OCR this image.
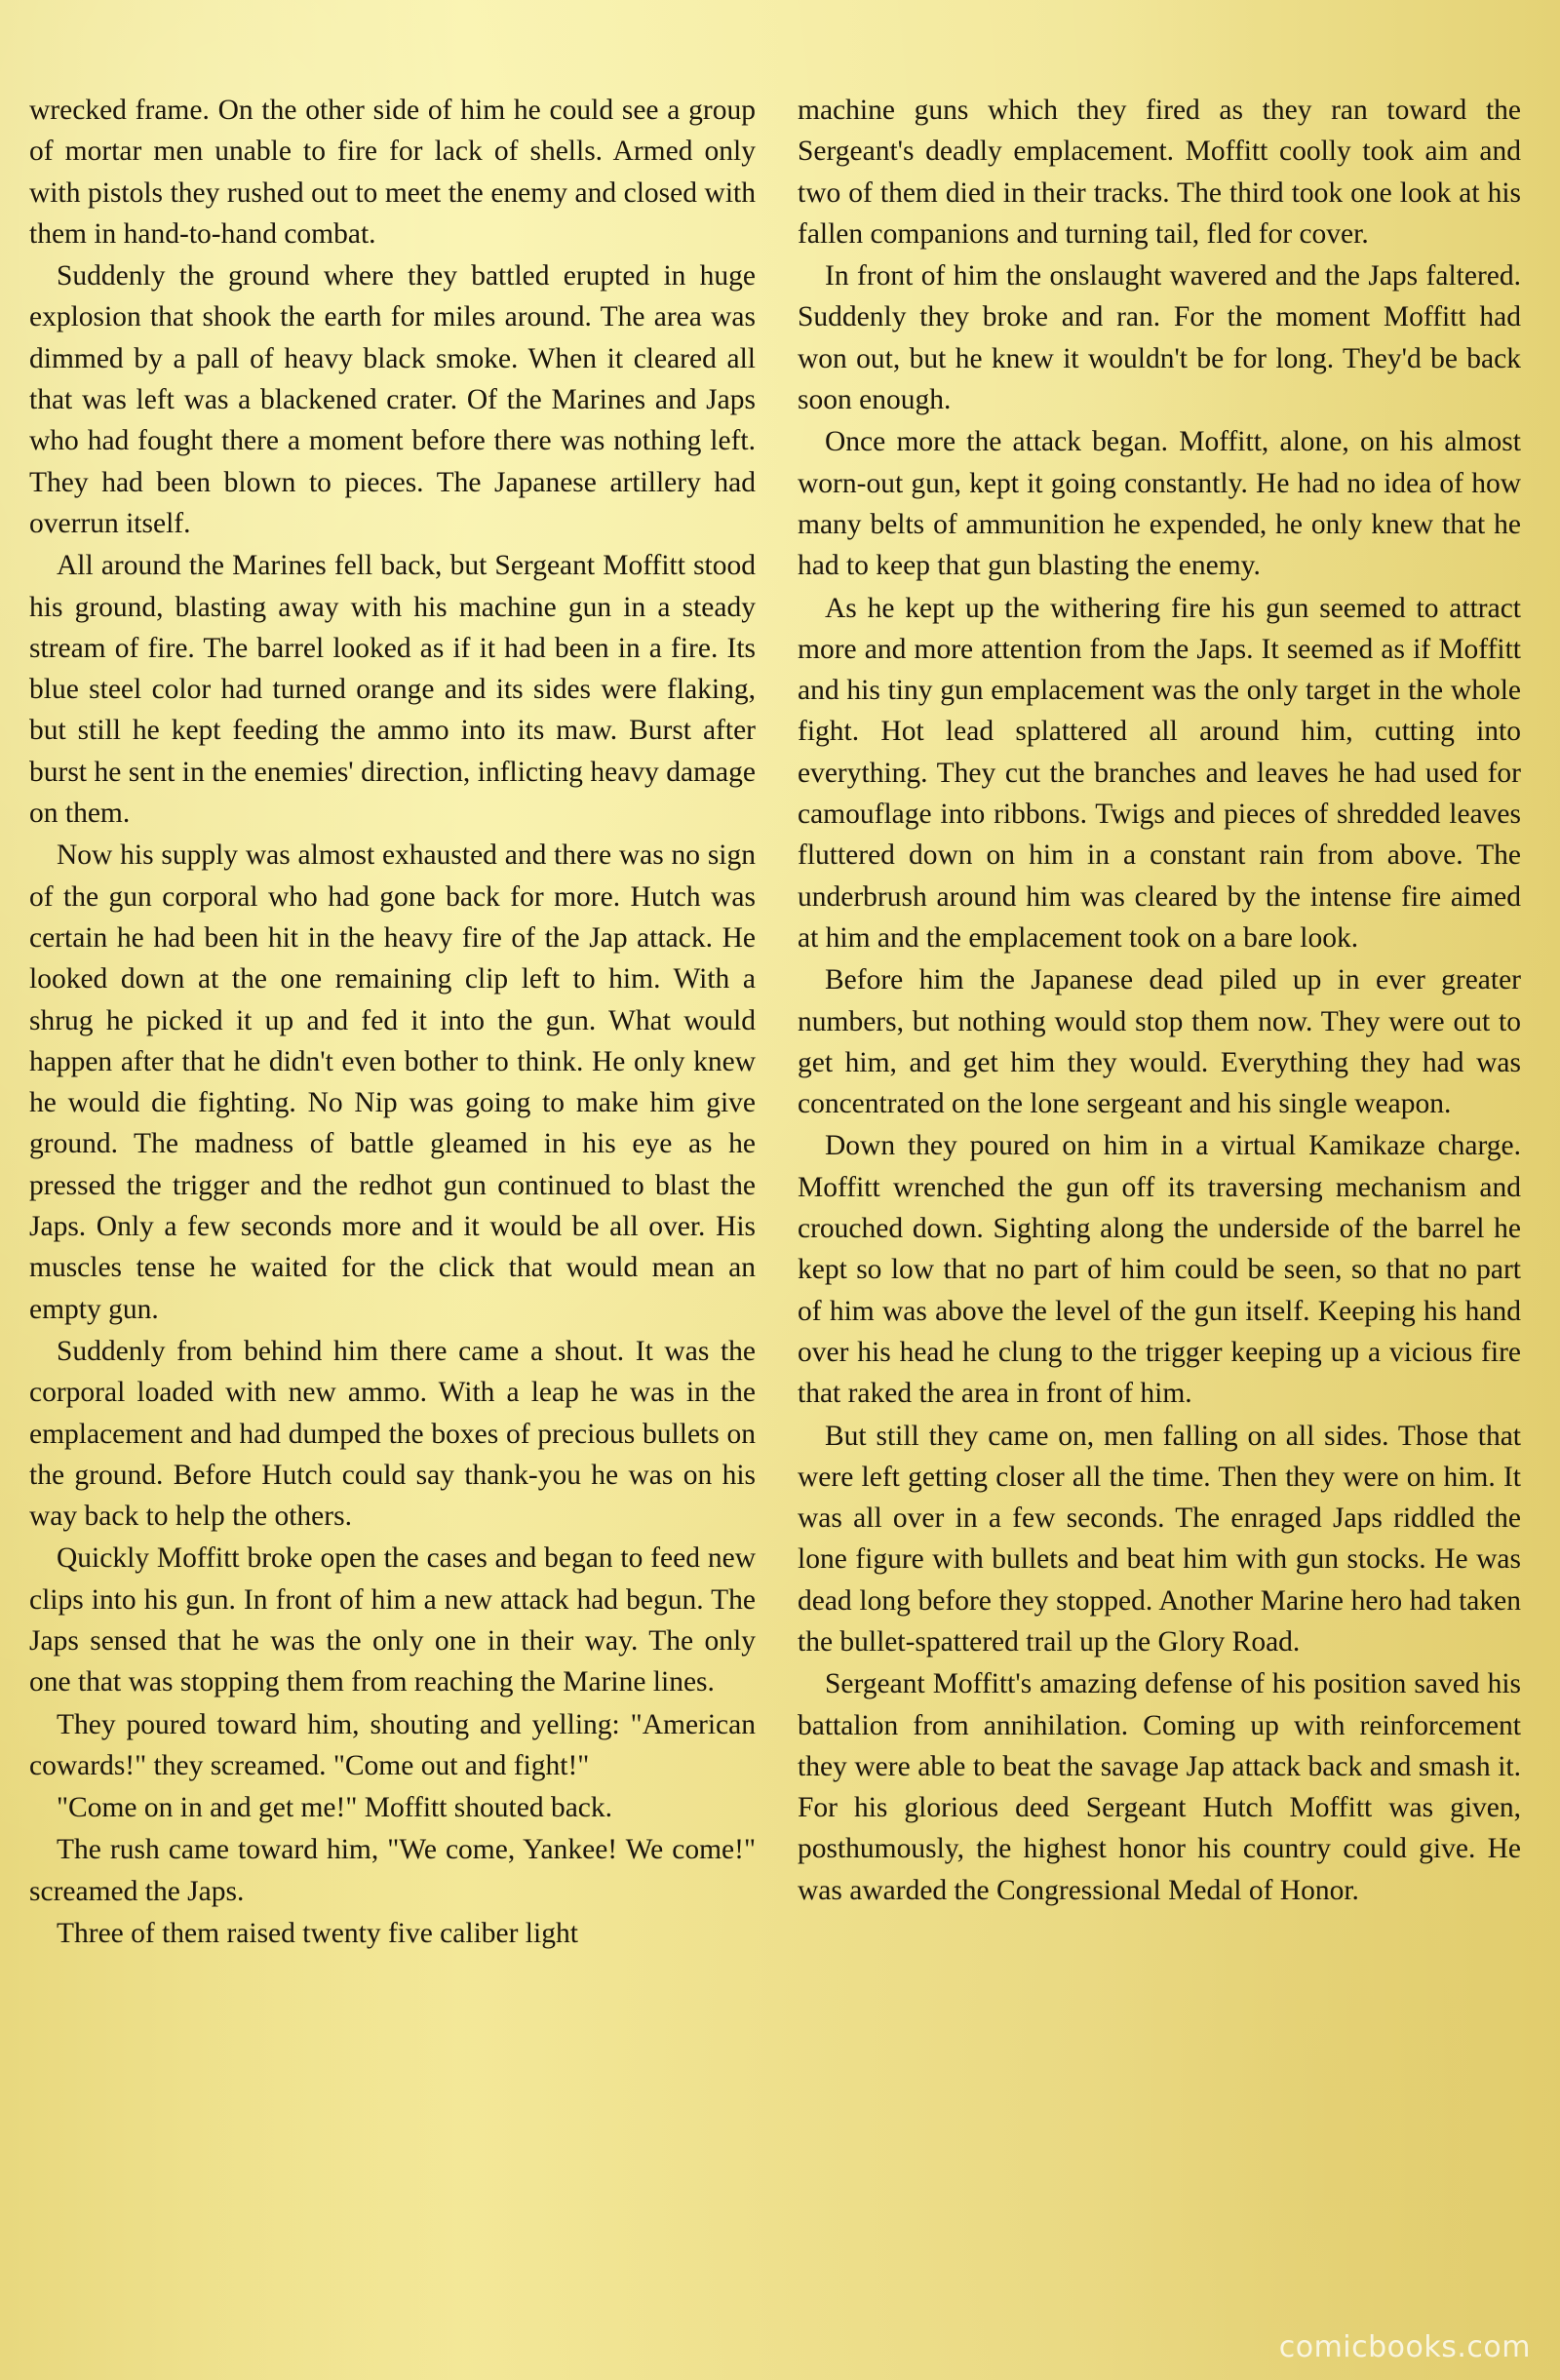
wrecked frame. On the other side of him he could see a group of mortar men unable to fire for lack of shells. Armed only with pistols they rushed out to meet the enemy and closed with them in hand-to-hand combat.

Suddenly the ground where they battled erupted in huge explosion that shook the earth for miles around. The area was dimmed by a pall of heavy black smoke. When it cleared all that was left was a blackened crater. Of the Marines and Japs who had fought there a moment before there was nothing left. They had been blown to pieces. The Japanese artillery had overrun itself.

All around the Marines fell back, but Sergeant Moffitt stood his ground, blasting away with his machine gun in a steady stream of fire. The barrel looked as if it had been in a fire. Its blue steel color had turned orange and its sides were flaking, but still he kept feeding the ammo into its maw. Burst after burst he sent in the enemies' direction, inflicting heavy damage on them.

Now his supply was almost exhausted and there was no sign of the gun corporal who had gone back for more. Hutch was certain he had been hit in the heavy fire of the Jap attack. He looked down at the one remaining clip left to him. With a shrug he picked it up and fed it into the gun. What would happen after that he didn't even bother to think. He only knew he would die fighting. No Nip was going to make him give ground. The madness of battle gleamed in his eye as he pressed the trigger and the redhot gun continued to blast the Japs. Only a few seconds more and it would be all over. His muscles tense he waited for the click that would mean an empty gun.

Suddenly from behind him there came a shout. It was the corporal loaded with new ammo. With a leap he was in the emplacement and had dumped the boxes of precious bullets on the ground. Before Hutch could say thank-you he was on his way back to help the others.

Quickly Moffitt broke open the cases and began to feed new clips into his gun. In front of him a new attack had begun. The Japs sensed that he was the only one in their way. The only one that was stopping them from reaching the Marine lines.

They poured toward him, shouting and yelling: "American cowards!" they screamed. "Come out and fight!"

"Come on in and get me!" Moffitt shouted back.

The rush came toward him, "We come, Yankee! We come!" screamed the Japs.

Three of them raised twenty five caliber light

machine guns which they fired as they ran toward the Sergeant's deadly emplacement. Moffitt coolly took aim and two of them died in their tracks. The third took one look at his fallen companions and turning tail, fled for cover.

In front of him the onslaught wavered and the Japs faltered. Suddenly they broke and ran. For the moment Moffitt had won out, but he knew it wouldn't be for long. They'd be back soon enough.

Once more the attack began. Moffitt, alone, on his almost worn-out gun, kept it going constantly. He had no idea of how many belts of ammunition he expended, he only knew that he had to keep that gun blasting the enemy.

As he kept up the withering fire his gun seemed to attract more and more attention from the Japs. It seemed as if Moffitt and his tiny gun emplacement was the only target in the whole fight. Hot lead splattered all around him, cutting into everything. They cut the branches and leaves he had used for camouflage into ribbons. Twigs and pieces of shredded leaves fluttered down on him in a constant rain from above. The underbrush around him was cleared by the intense fire aimed at him and the emplacement took on a bare look.

Before him the Japanese dead piled up in ever greater numbers, but nothing would stop them now. They were out to get him, and get him they would. Everything they had was concentrated on the lone sergeant and his single weapon.

Down they poured on him in a virtual Kamikaze charge. Moffitt wrenched the gun off its traversing mechanism and crouched down. Sighting along the underside of the barrel he kept so low that no part of him could be seen, so that no part of him was above the level of the gun itself. Keeping his hand over his head he clung to the trigger keeping up a vicious fire that raked the area in front of him.

But still they came on, men falling on all sides. Those that were left getting closer all the time. Then they were on him. It was all over in a few seconds. The enraged Japs riddled the lone figure with bullets and beat him with gun stocks. He was dead long before they stopped. Another Marine hero had taken the bullet-spattered trail up the Glory Road.

Sergeant Moffitt's amazing defense of his position saved his battalion from annihilation. Coming up with reinforcement they were able to beat the savage Jap attack back and smash it. For his glorious deed Sergeant Hutch Moffitt was given, posthumously, the highest honor his country could give. He was awarded the Congressional Medal of Honor.

comicbooks.com
